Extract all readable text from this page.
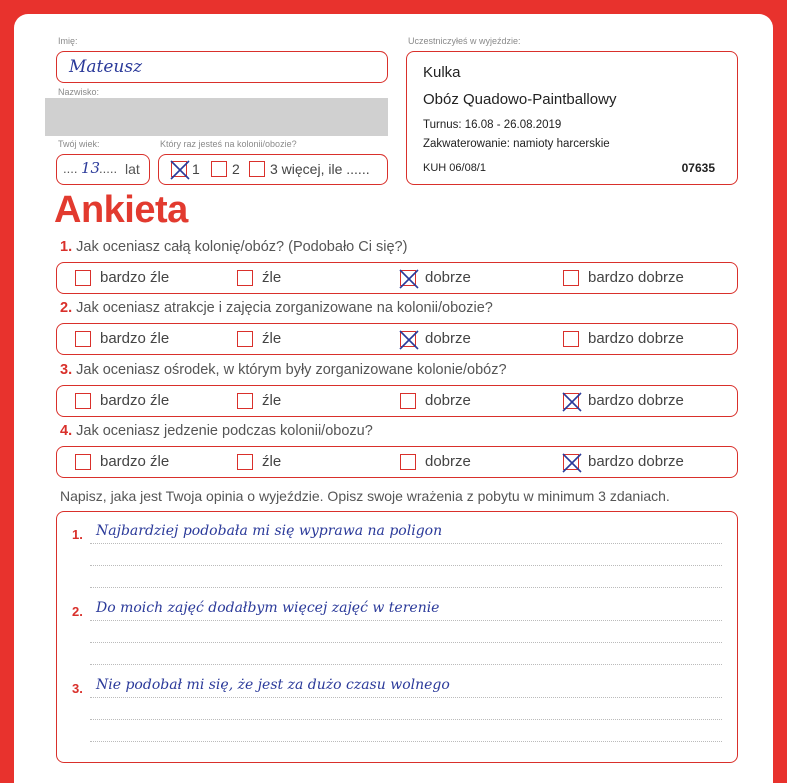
Imię:
Mateusz
Nazwisko:
Twój wiek:
.... 13
..... lat
Który raz jesteś na kolonii/obozie?
1 2 3 więcej, ile ......
Uczestniczyłeś w wyjeździe:
Kulka
Obóz Quadowo-Paintballowy
Turnus: 16.08 - 26.08.2019
Zakwaterowanie: namioty harcerskie
KUH 06/08/1	07635
Ankieta
1. Jak oceniasz całą kolonię/obóz? (Podobało Ci się?)
bardzo źle	źle	dobrze	bardzo dobrze
2. Jak oceniasz atrakcje i zajęcia zorganizowane na kolonii/obozie?
bardzo źle	źle	dobrze	bardzo dobrze
3. Jak oceniasz ośrodek, w którym były zorganizowane kolonie/obóz?
bardzo źle	źle	dobrze	bardzo dobrze
4. Jak oceniasz jedzenie podczas kolonii/obozu?
bardzo źle	źle	dobrze	bardzo dobrze
Napisz, jaka jest Twoja opinia o wyjeździe. Opisz swoje wrażenia z pobytu w minimum 3 zdaniach.
1. Najbardziej podobała mi się wyprawa na poligon
2. Do moich zajęć dodałbym więcej zajęć w terenie
3. Nie podobał mi się, że jest za dużo czasu wolnego
